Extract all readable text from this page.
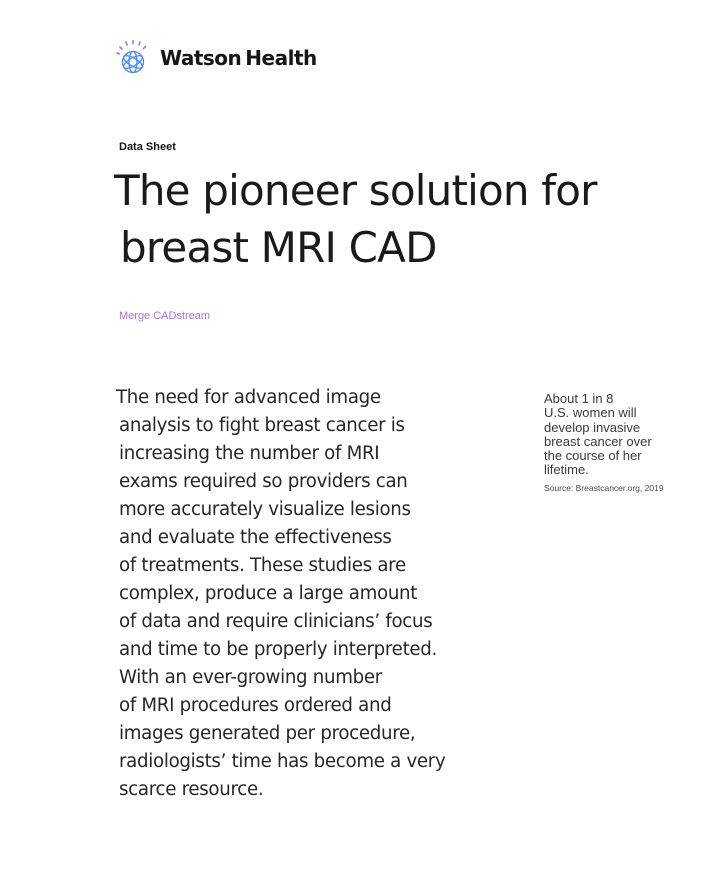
Watson Health
Data Sheet
The pioneer solution for
breast MRI CAD
Merge CADstream

The need for advanced image
analysis to fight breast cancer is
increasing the number of MRI
exams required so providers can
more accurately visualize lesions
and evaluate the effectiveness
of treatments. These studies are
complex, produce a large amount
of data and require clinicians’ focus
and time to be properly interpreted.
With an ever-growing number
of MRI procedures ordered and
images generated per procedure,
radiologists’ time has become a very
scarce resource.

About 1 in 8
U.S. women will
develop invasive
breast cancer over
the course of her
lifetime.

Source: Breastcancer.org, 2019
